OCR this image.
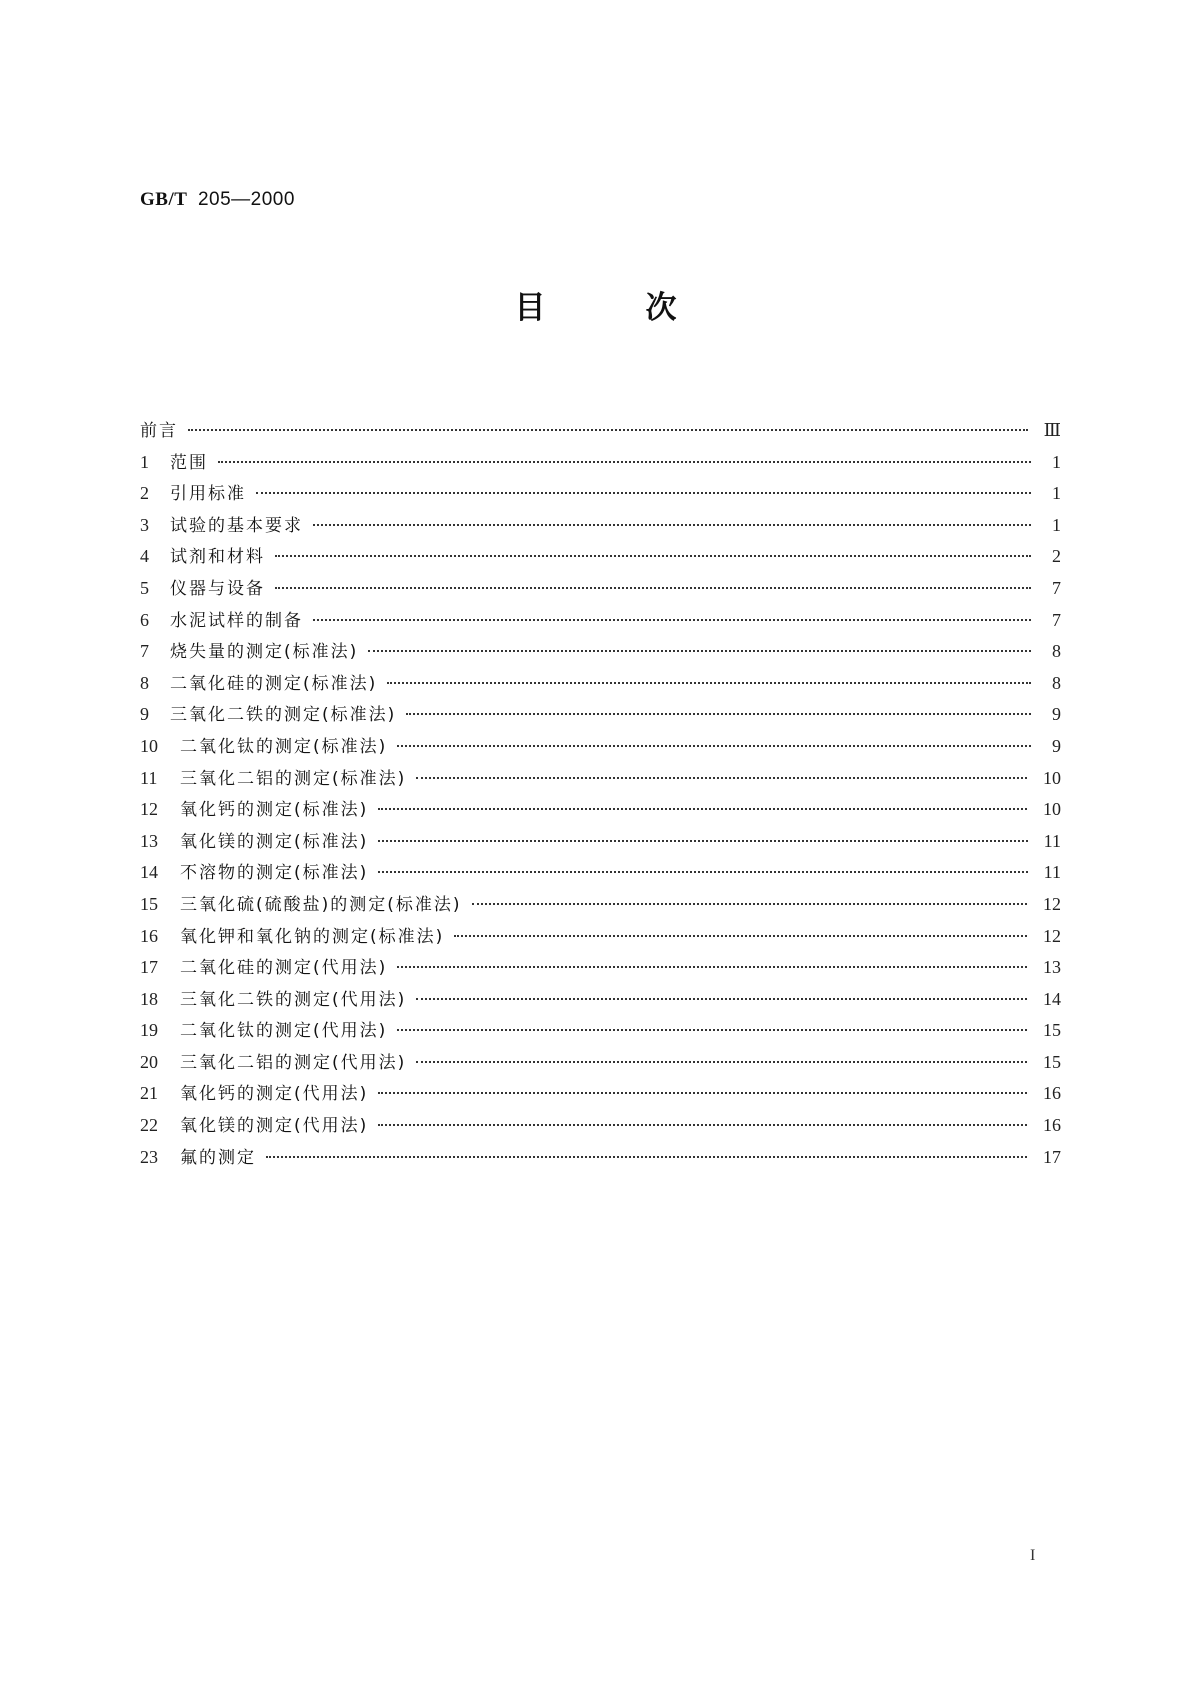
GB/T 205—2000
目	次
前言	Ⅲ
1	范围	1
2	引用标准	1
3	试验的基本要求	1
4	试剂和材料	2
5	仪器与设备	7
6	水泥试样的制备	7
7	烧失量的测定(标准法)	8
8	二氧化硅的测定(标准法)	8
9	三氧化二铁的测定(标准法)	9
10	二氧化钛的测定(标准法)	9
11	三氧化二铝的测定(标准法)	10
12	氧化钙的测定(标准法)	10
13	氧化镁的测定(标准法)	11
14	不溶物的测定(标准法)	11
15	三氧化硫(硫酸盐)的测定(标准法)	12
16	氧化钾和氧化钠的测定(标准法)	12
17	二氧化硅的测定(代用法)	13
18	三氧化二铁的测定(代用法)	14
19	二氧化钛的测定(代用法)	15
20	三氧化二铝的测定(代用法)	15
21	氧化钙的测定(代用法)	16
22	氧化镁的测定(代用法)	16
23	氟的测定	17
I
